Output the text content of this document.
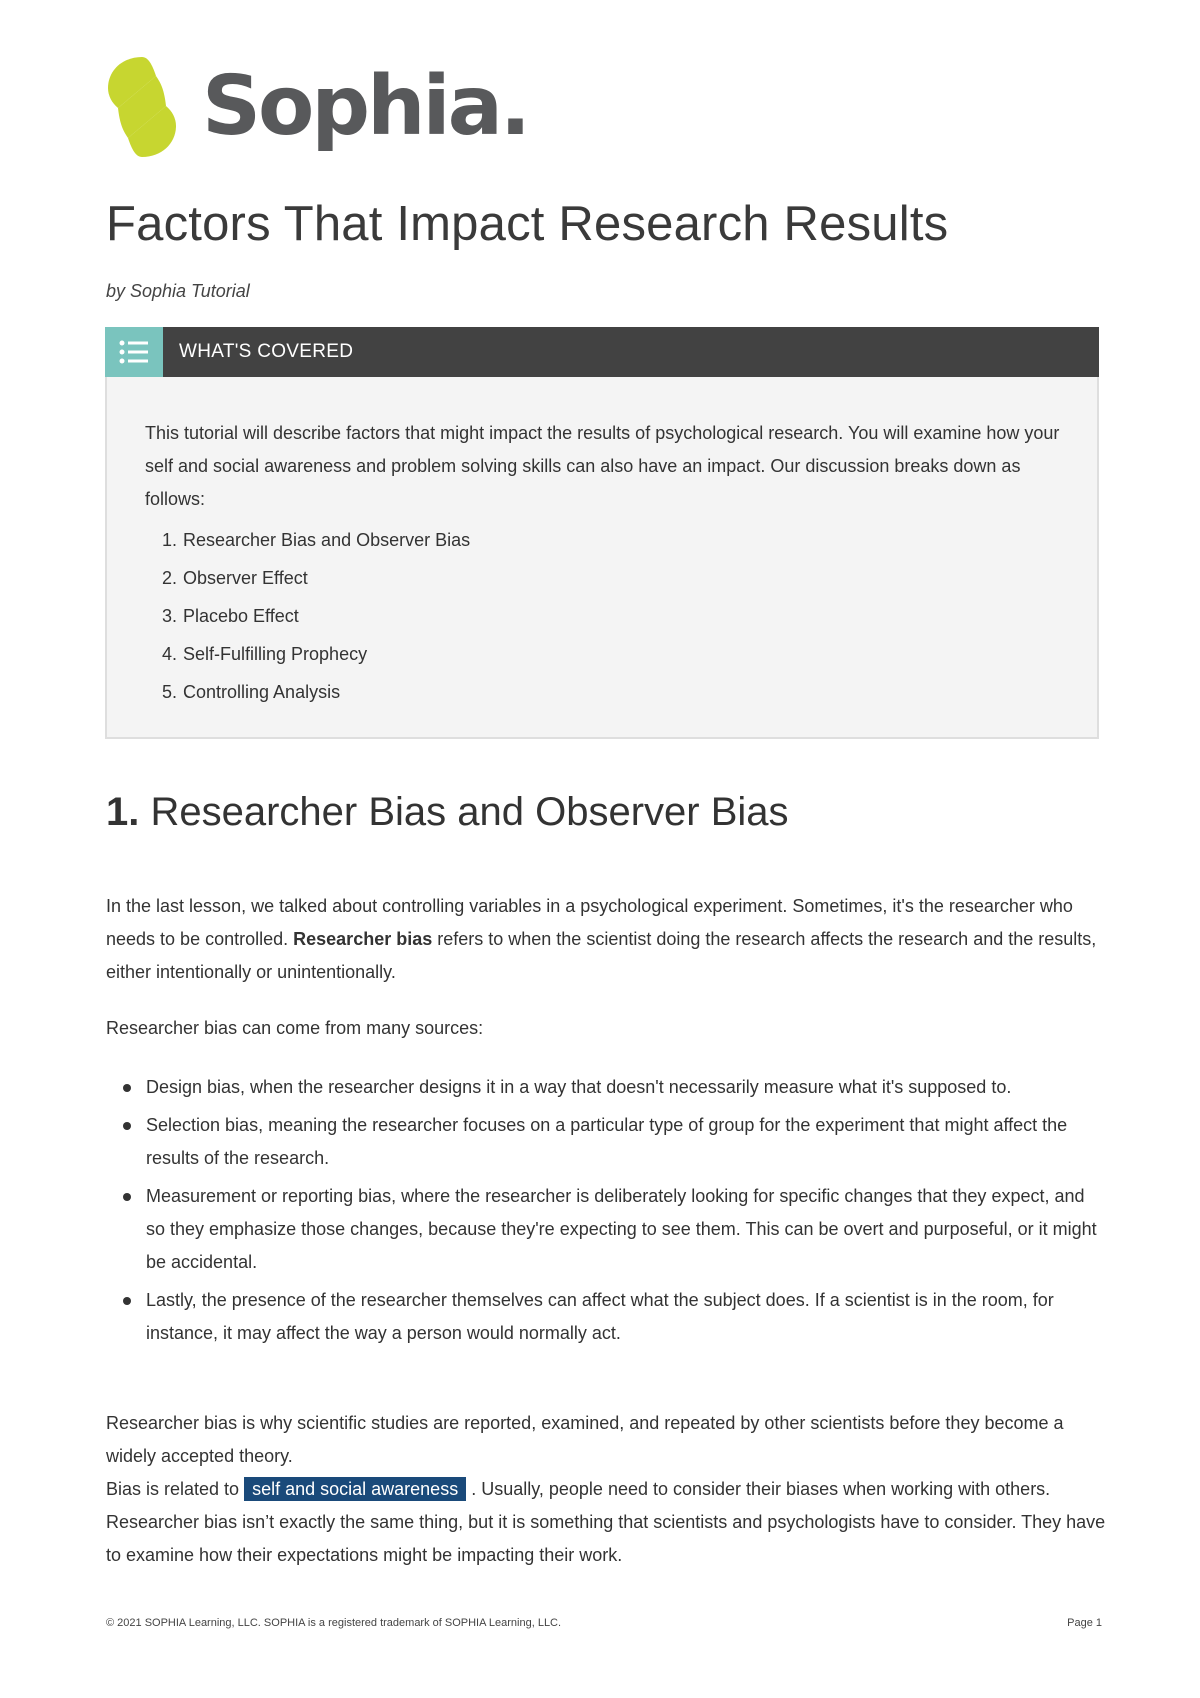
Sophia.
Factors That Impact Research Results
by Sophia Tutorial
WHAT'S COVERED

This tutorial will describe factors that might impact the results of psychological research. You will examine how your self and social awareness and problem solving skills can also have an impact. Our discussion breaks down as follows:

1. Researcher Bias and Observer Bias
2. Observer Effect
3. Placebo Effect
4. Self-Fulfilling Prophecy
5. Controlling Analysis
1. Researcher Bias and Observer Bias

In the last lesson, we talked about controlling variables in a psychological experiment. Sometimes, it's the researcher who needs to be controlled. Researcher bias refers to when the scientist doing the research affects the research and the results, either intentionally or unintentionally.

Researcher bias can come from many sources:

Design bias, when the researcher designs it in a way that doesn't necessarily measure what it's supposed to.
Selection bias, meaning the researcher focuses on a particular type of group for the experiment that might affect the results of the research.
Measurement or reporting bias, where the researcher is deliberately looking for specific changes that they expect, and so they emphasize those changes, because they're expecting to see them. This can be overt and purposeful, or it might be accidental.
Lastly, the presence of the researcher themselves can affect what the subject does. If a scientist is in the room, for instance, it may affect the way a person would normally act.

Researcher bias is why scientific studies are reported, examined, and repeated by other scientists before they become a widely accepted theory.

Bias is related to self and social awareness . Usually, people need to consider their biases when working with others. Researcher bias isn’t exactly the same thing, but it is something that scientists and psychologists have to consider. They have to examine how their expectations might be impacting their work.

© 2021 SOPHIA Learning, LLC. SOPHIA is a registered trademark of SOPHIA Learning, LLC.	Page 1
